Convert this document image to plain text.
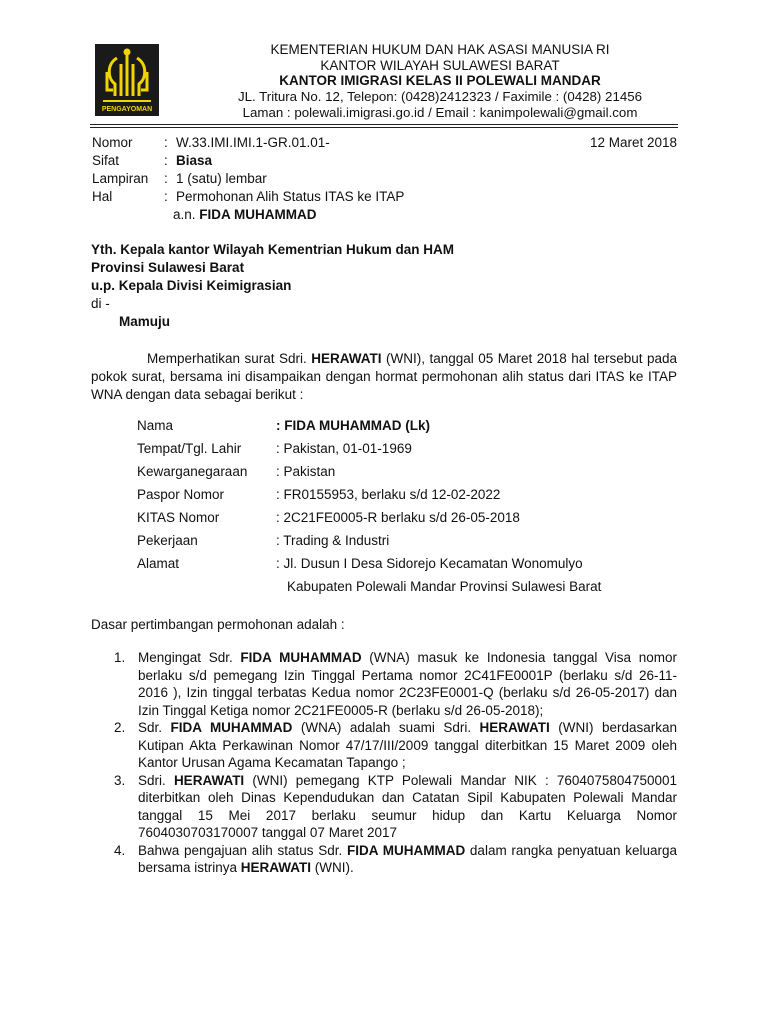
PENGAYOMAN
KEMENTERIAN HUKUM DAN HAK ASASI MANUSIA RI
KANTOR WILAYAH SULAWESI BARAT
KANTOR IMIGRASI KELAS II POLEWALI MANDAR
JL. Tritura No. 12, Telepon: (0428)2412323 / Faximile : (0428) 21456
Laman : polewali.imigrasi.go.id / Email : kanimpolewali@gmail.com
Nomor	: W.33.IMI.IMI.1-GR.01.01-	12 Maret 2018
Sifat	: Biasa
Lampiran	: 1 (satu) lembar
Hal	: Permohonan Alih Status ITAS ke ITAP
a.n. FIDA MUHAMMAD
Yth. Kepala kantor Wilayah Kementrian Hukum dan HAM
Provinsi Sulawesi Barat
u.p. Kepala Divisi Keimigrasian
di -
Mamuju
Memperhatikan surat Sdri. HERAWATI (WNI), tanggal 05 Maret 2018 hal tersebut pada pokok surat, bersama ini disampaikan dengan hormat permohonan alih status dari ITAS ke ITAP WNA dengan data sebagai berikut :
Nama	: FIDA MUHAMMAD (Lk)
Tempat/Tgl. Lahir	: Pakistan, 01-01-1969
Kewarganegaraan : Pakistan
Paspor Nomor	: FR0155953, berlaku s/d 12-02-2022
KITAS Nomor	: 2C21FE0005-R berlaku s/d 26-05-2018
Pekerjaan	: Trading & Industri
Alamat	: Jl. Dusun I Desa Sidorejo Kecamatan Wonomulyo
Kabupaten Polewali Mandar Provinsi Sulawesi Barat
Dasar pertimbangan permohonan adalah :
1. Mengingat Sdr. FIDA MUHAMMAD (WNA) masuk ke Indonesia tanggal Visa nomor berlaku s/d pemegang Izin Tinggal Pertama nomor 2C41FE0001P (berlaku s/d 26-11-2016 ), Izin tinggal terbatas Kedua nomor 2C23FE0001-Q (berlaku s/d 26-05-2017) dan Izin Tinggal Ketiga nomor 2C21FE0005-R (berlaku s/d 26-05-2018);
2. Sdr. FIDA MUHAMMAD (WNA) adalah suami Sdri. HERAWATI (WNI) berdasarkan Kutipan Akta Perkawinan Nomor 47/17/III/2009 tanggal diterbitkan 15 Maret 2009 oleh Kantor Urusan Agama Kecamatan Tapango ;
3. Sdri. HERAWATI (WNI) pemegang KTP Polewali Mandar NIK : 7604075804750001 diterbitkan oleh Dinas Kependudukan dan Catatan Sipil Kabupaten Polewali Mandar tanggal 15 Mei 2017 berlaku seumur hidup dan Kartu Keluarga Nomor 7604030703170007 tanggal 07 Maret 2017
4. Bahwa pengajuan alih status Sdr. FIDA MUHAMMAD dalam rangka penyatuan keluarga bersama istrinya HERAWATI (WNI).
